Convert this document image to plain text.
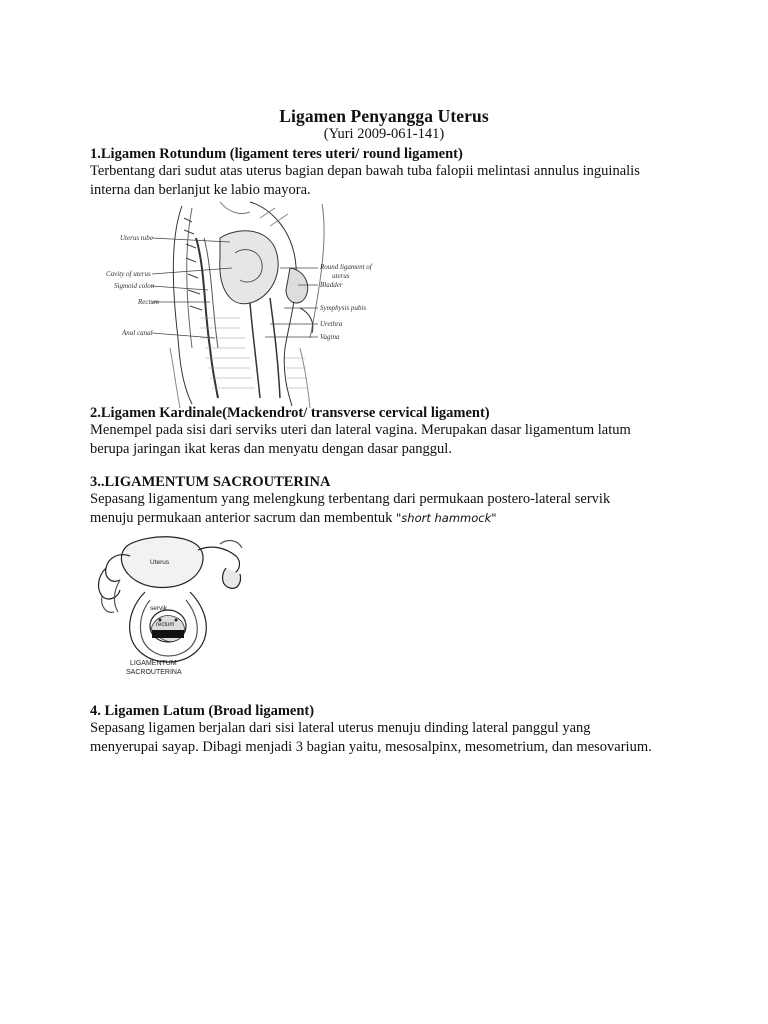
Ligamen Penyangga Uterus
(Yuri 2009-061-141)
1.Ligamen Rotundum (ligament teres uteri/ round ligament)
Terbentang dari sudut atas uterus bagian depan bawah tuba falopii melintasi annulus inguinalis
interna dan berlanjut ke labio mayora.
Uterus tube
Cavity of uterus
Sigmoid colon
Rectum
Anal canal
Round ligament of
uterus
Bladder
Symphysis pubis
Urethra
Vagina
2.Ligamen Kardinale(Mackendrot/ transverse cervical ligament)
Menempel pada sisi dari serviks uteri dan lateral vagina. Merupakan dasar ligamentum latum
berupa jaringan ikat keras dan menyatu dengan dasar panggul.
3..LIGAMENTUM SACROUTERINA
Sepasang ligamentum yang melengkung terbentang dari permukaan postero-lateral servik
menuju permukaan anterior sacrum dan membentuk "short hammock"
Uterus
servik
rectum
LIGAMENTUM
SACROUTERINA
4. Ligamen Latum (Broad ligament)
Sepasang ligamen berjalan dari sisi lateral uterus menuju dinding lateral panggul yang
menyerupai sayap. Dibagi menjadi 3 bagian yaitu, mesosalpinx, mesometrium, dan mesovarium.
